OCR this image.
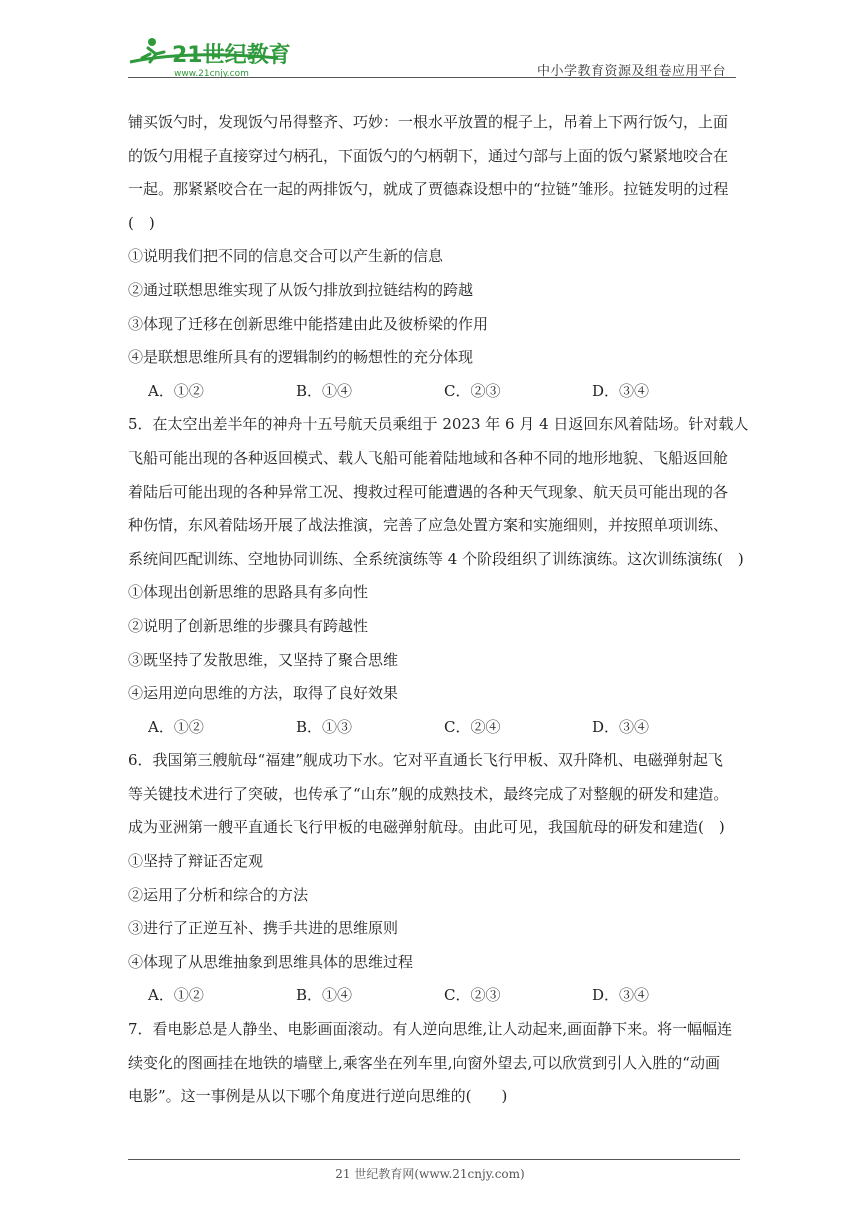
21世纪教育
www.21cnjy.com	中小学教育资源及组卷应用平台

铺买饭勺时，发现饭勺吊得整齐、巧妙：一根水平放置的棍子上，吊着上下两行饭勺，上面

的饭勺用棍子直接穿过勺柄孔，下面饭勺的勺柄朝下，通过勺部与上面的饭勺紧紧地咬合在

一起。那紧紧咬合在一起的两排饭勺，就成了贾德森设想中的“拉链”雏形。拉链发明的过程

(　)

①说明我们把不同的信息交合可以产生新的信息

②通过联想思维实现了从饭勺排放到拉链结构的跨越

③体现了迁移在创新思维中能搭建由此及彼桥梁的作用

④是联想思维所具有的逻辑制约的畅想性的充分体现

A．①②	B．①④	C．②③	D．③④

5．在太空出差半年的神舟十五号航天员乘组于 2023 年 6 月 4 日返回东风着陆场。针对载人

飞船可能出现的各种返回模式、载人飞船可能着陆地域和各种不同的地形地貌、飞船返回舱

着陆后可能出现的各种异常工况、搜救过程可能遭遇的各种天气现象、航天员可能出现的各

种伤情，东风着陆场开展了战法推演，完善了应急处置方案和实施细则，并按照单项训练、

系统间匹配训练、空地协同训练、全系统演练等 4 个阶段组织了训练演练。这次训练演练(　)

①体现出创新思维的思路具有多向性

②说明了创新思维的步骤具有跨越性

③既坚持了发散思维，又坚持了聚合思维

④运用逆向思维的方法，取得了良好效果

A．①②	B．①③	C．②④	D．③④

6．我国第三艘航母“福建”舰成功下水。它对平直通长飞行甲板、双升降机、电磁弹射起飞

等关键技术进行了突破，也传承了“山东”舰的成熟技术，最终完成了对整舰的研发和建造。

成为亚洲第一艘平直通长飞行甲板的电磁弹射航母。由此可见，我国航母的研发和建造(　)

①坚持了辩证否定观

②运用了分析和综合的方法

③进行了正逆互补、携手共进的思维原则

④体现了从思维抽象到思维具体的思维过程

A．①②	B．①④	C．②③	D．③④

7．看电影总是人静坐、电影画面滚动。有人逆向思维,让人动起来,画面静下来。将一幅幅连

续变化的图画挂在地铁的墙壁上,乘客坐在列车里,向窗外望去,可以欣赏到引人入胜的“动画

电影”。这一事例是从以下哪个角度进行逆向思维的(　　)

21 世纪教育网(www.21cnjy.com)
